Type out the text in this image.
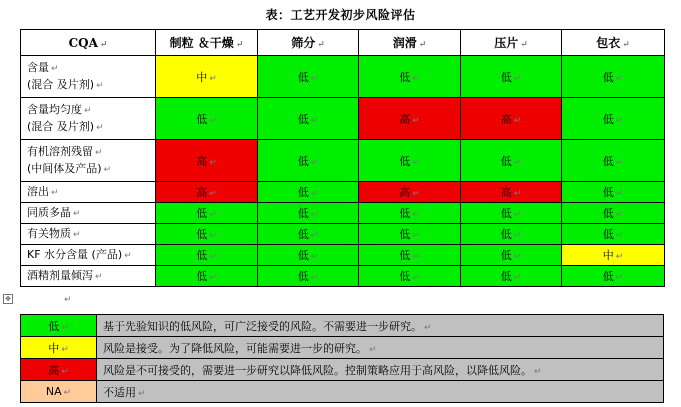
表：工艺开发初步风险评估
CQA ↵	制粒 ＆干燥 ↵	筛分 ↵	润滑 ↵	压片 ↵	包衣 ↵

含量 ↵
(混合 及片剂) ↵	中 ↵	低 ↵	低 ↵	低 ↵	低 ↵

含量均匀度 ↵
(混合 及片剂) ↵	低 ↵	低 ↵	高 ↵	高 ↵	低 ↵

有机溶剂残留 ↵
(中间体及产品) ↵	高 ↵	低 ↵	低 ↵	低 ↵	低 ↵

溶出 ↵	高 ↵	低 ↵	高 ↵	高 ↵	低 ↵

同质多晶 ↵	低 ↵	低 ↵	低 ↵	低 ↵	低 ↵

有关物质 ↵	低 ↵	低 ↵	低 ↵	低 ↵	低 ↵

KF 水分含量 (产品) ↵	低 ↵	低 ↵	低 ↵	低 ↵	中 ↵

酒精剂量倾泻 ↵	低 ↵	低 ↵	低 ↵	低 ↵	低 ↵
✥	↵
低 ↵	基于先验知识的低风险，可广泛接受的风险。不需要进一步研究。 ↵
中 ↵	风险是接受。为了降低风险，可能需要进一步的研究。 ↵
高 ↵	风险是不可接受的，需要进一步研究以降低风险。控制策略应用于高风险，以降低风险。 ↵
NA ↵	不适用 ↵
